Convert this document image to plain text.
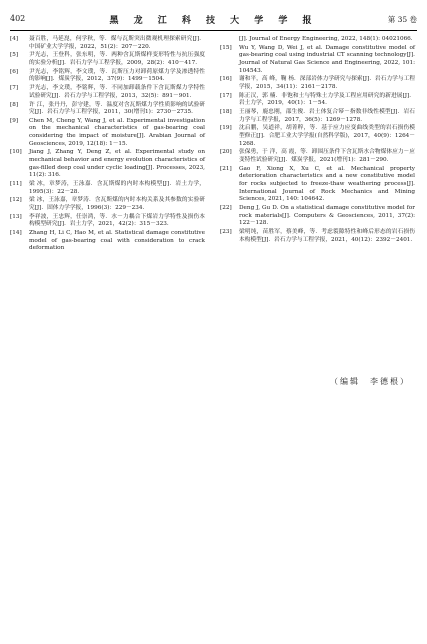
402	黑 龙 江 科 技 大 学 学 报	第 35 卷
[4]	聂百胜，马延崑，何学秋，等．煤与瓦斯突出微观机理探索研究[J]．中国矿业大学学报，2022，51(2)：207－220.
[5]	尹光志，王登科，张东明，等．两种含瓦斯煤样变形特性与抗压强度的实验分析[J]．岩石力学与工程学报，2009，28(2)：410－417.
[6]	尹光志，李铭辉，李文璞，等．瓦斯压力对卸荷原煤力学及渗透特性的影响[J]．煤炭学报，2012，37(9)：1499－1504.
[7]	尹光志，李文璞，李铭辉，等．不同加卸载条件下含瓦斯煤力学特性试验研究[J]．岩石力学与工程学报，2013，32(5)：891－901.
[8]	许 江，张丹丹，彭守建，等．温度对含瓦斯煤力学性质影响的试验研究[J]．岩石力学与工程学报，2011，30(增刊1)：2730－2735.
[9]	Chen M, Cheng Y, Wang J, et al. Experimental investigation on the mechanical characteristics of gas-bearing coal considering the impact of moisture[J]. Arabian Journal of Geosciences, 2019, 12(18): 1－15.
[10]	Jiang J, Zhang Y, Deng Z, et al. Experimental study on mechanical behavior and energy evolution characteristics of gas-filled deep coal under cyclic loading[J]. Processes, 2023, 11(2): 316.
[11]	梁 冰，章梦涛，王泳嘉．含瓦斯煤的内时本构模型[J]．岩土力学，1995(3)：22－28.
[12]	梁 冰，王泳嘉，章梦涛．含瓦斯煤的内时本构关系及其参数的实验研究[J]．固体力学学报，1996(3)：229－234.
[13]	李祥波，王忠辉，任崇鸿，等．水－力耦合下煤岩力学特性及损伤本构模型研究[J]．岩土力学，2021，42(2)：315－323.
[14]	Zhang H, Li C, Hao M, et al. Statistical damage constitutive model of gas-bearing coal with consideration to crack deformation
[J]. Journal of Energy Engineering, 2022, 148(1): 04021066.
[15]	Wu Y, Wang D, Wei J, et al. Damage constitutive model of gas-bearing coal using industrial CT scanning technology[J]. Journal of Natural Gas Science and Engineering, 2022, 101: 104543.
[16]	谢和平，高 峰，鞠 杨．深部岩体力学研究与探索[J]．岩石力学与工程学报，2015，34(11)：2161－2178.
[17]	陈正汉，郭 楠．非饱和土与特殊土力学及工程应用研究的新进展[J]．岩土力学，2019，40(1)：1－54.
[18]	王丽琴，鹿忠刚，邵生俊．岩土体复合幂－指数非线性模型[J]．岩石力学与工程学报，2017，36(5)：1269－1278.
[19]	沈启鹏，吴道祥，胡菁粹，等．基于应力应变曲线类型的岩石损伤模型修正[J]．合肥工业大学学报(自然科学版)，2017，40(9)：1264－1268.
[20]	张保勇，于 洋，高 霞，等．卸围压条件下含瓦斯水合物煤体应力－应变特性试验研究[J]．煤炭学报，2021(增刊1)：281－290.
[21]	Gao F, Xiong X, Xu C, et al. Mechanical property deterioration characteristics and a new constitutive model for rocks subjected to freeze-thaw weathering process[J]. International Journal of Rock Mechanics and Mining Sciences, 2021, 140: 104642.
[22]	Deng J, Gu D. On a statistical damage constitutive model for rock materials[J]. Computers & Geosciences, 2011, 37(2): 122－128.
[23]	梁明纯，苗胜军，蔡美峰，等．考虑裂隙特性和峰后形态的岩石损伤本构模型[J]．岩石力学与工程学报，2021，40(12)：2392－2401.
（编辑　李德根）
